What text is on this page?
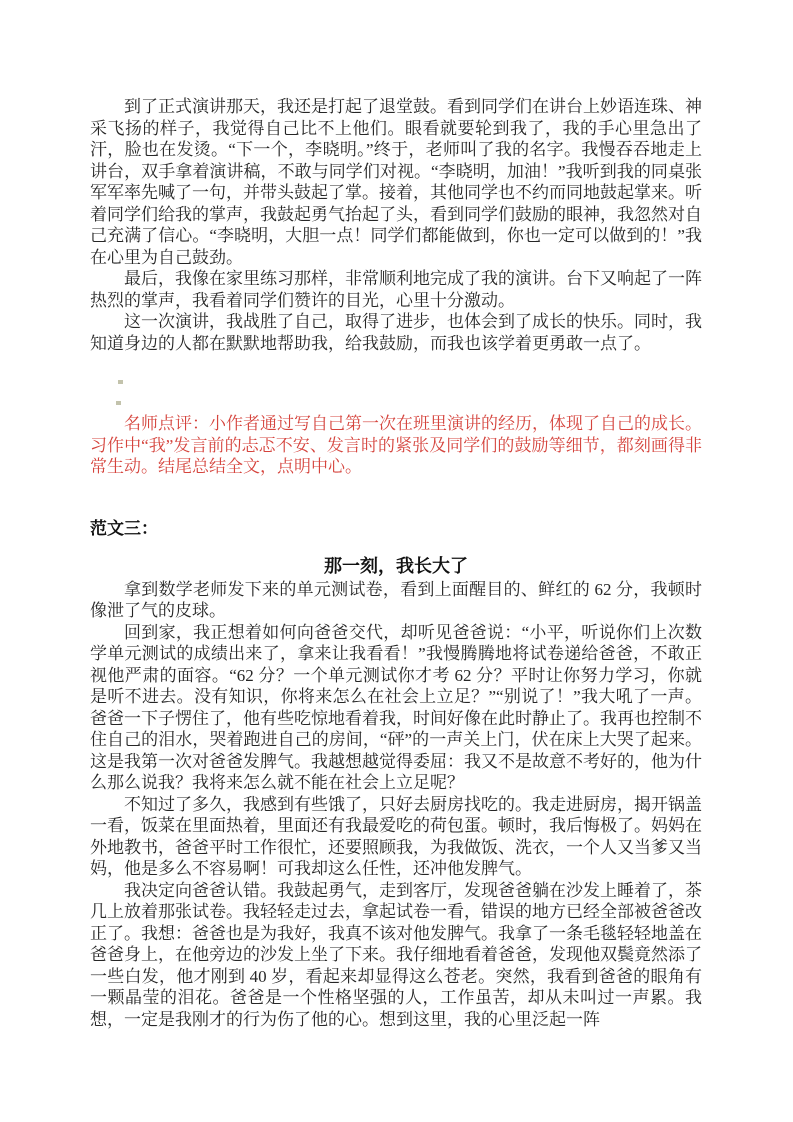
到了正式演讲那天，我还是打起了退堂鼓。看到同学们在讲台上妙语连珠、神采飞扬的样子，我觉得自己比不上他们。眼看就要轮到我了，我的手心里急出了汗，脸也在发烫。“下一个，李晓明。”终于，老师叫了我的名字。我慢吞吞地走上讲台，双手拿着演讲稿，不敢与同学们对视。“李晓明，加油！”我听到我的同桌张军军率先喊了一句，并带头鼓起了掌。接着，其他同学也不约而同地鼓起掌来。听着同学们给我的掌声，我鼓起勇气抬起了头，看到同学们鼓励的眼神，我忽然对自己充满了信心。“李晓明，大胆一点！同学们都能做到，你也一定可以做到的！”我在心里为自己鼓劲。

最后，我像在家里练习那样，非常顺利地完成了我的演讲。台下又响起了一阵热烈的掌声，我看着同学们赞许的目光，心里十分激动。

这一次演讲，我战胜了自己，取得了进步，也体会到了成长的快乐。同时，我知道身边的人都在默默地帮助我，给我鼓励，而我也该学着更勇敢一点了。

名师点评：小作者通过写自己第一次在班里演讲的经历，体现了自己的成长。习作中“我”发言前的忐忑不安、发言时的紧张及同学们的鼓励等细节，都刻画得非常生动。结尾总结全文，点明中心。

范文三：
那一刻，我长大了

拿到数学老师发下来的单元测试卷，看到上面醒目的、鲜红的 62 分，我顿时像泄了气的皮球。

回到家，我正想着如何向爸爸交代，却听见爸爸说：“小平，听说你们上次数学单元测试的成绩出来了，拿来让我看看！”我慢腾腾地将试卷递给爸爸，不敢正视他严肃的面容。“62 分？一个单元测试你才考 62 分？平时让你努力学习，你就是听不进去。没有知识，你将来怎么在社会上立足？”“别说了！”我大吼了一声。爸爸一下子愣住了，他有些吃惊地看着我，时间好像在此时静止了。我再也控制不住自己的泪水，哭着跑进自己的房间，“砰”的一声关上门，伏在床上大哭了起来。这是我第一次对爸爸发脾气。我越想越觉得委屈：我又不是故意不考好的，他为什么那么说我？我将来怎么就不能在社会上立足呢？

不知过了多久，我感到有些饿了，只好去厨房找吃的。我走进厨房，揭开锅盖一看，饭菜在里面热着，里面还有我最爱吃的荷包蛋。顿时，我后悔极了。妈妈在外地教书，爸爸平时工作很忙，还要照顾我，为我做饭、洗衣，一个人又当爹又当妈，他是多么不容易啊！可我却这么任性，还冲他发脾气。

我决定向爸爸认错。我鼓起勇气，走到客厅，发现爸爸躺在沙发上睡着了，茶几上放着那张试卷。我轻轻走过去，拿起试卷一看，错误的地方已经全部被爸爸改正了。我想：爸爸也是为我好，我真不该对他发脾气。我拿了一条毛毯轻轻地盖在爸爸身上，在他旁边的沙发上坐了下来。我仔细地看着爸爸，发现他双鬓竟然添了一些白发，他才刚到 40 岁，看起来却显得这么苍老。突然，我看到爸爸的眼角有一颗晶莹的泪花。爸爸是一个性格坚强的人，工作虽苦，却从未叫过一声累。我想，一定是我刚才的行为伤了他的心。想到这里，我的心里泛起一阵
